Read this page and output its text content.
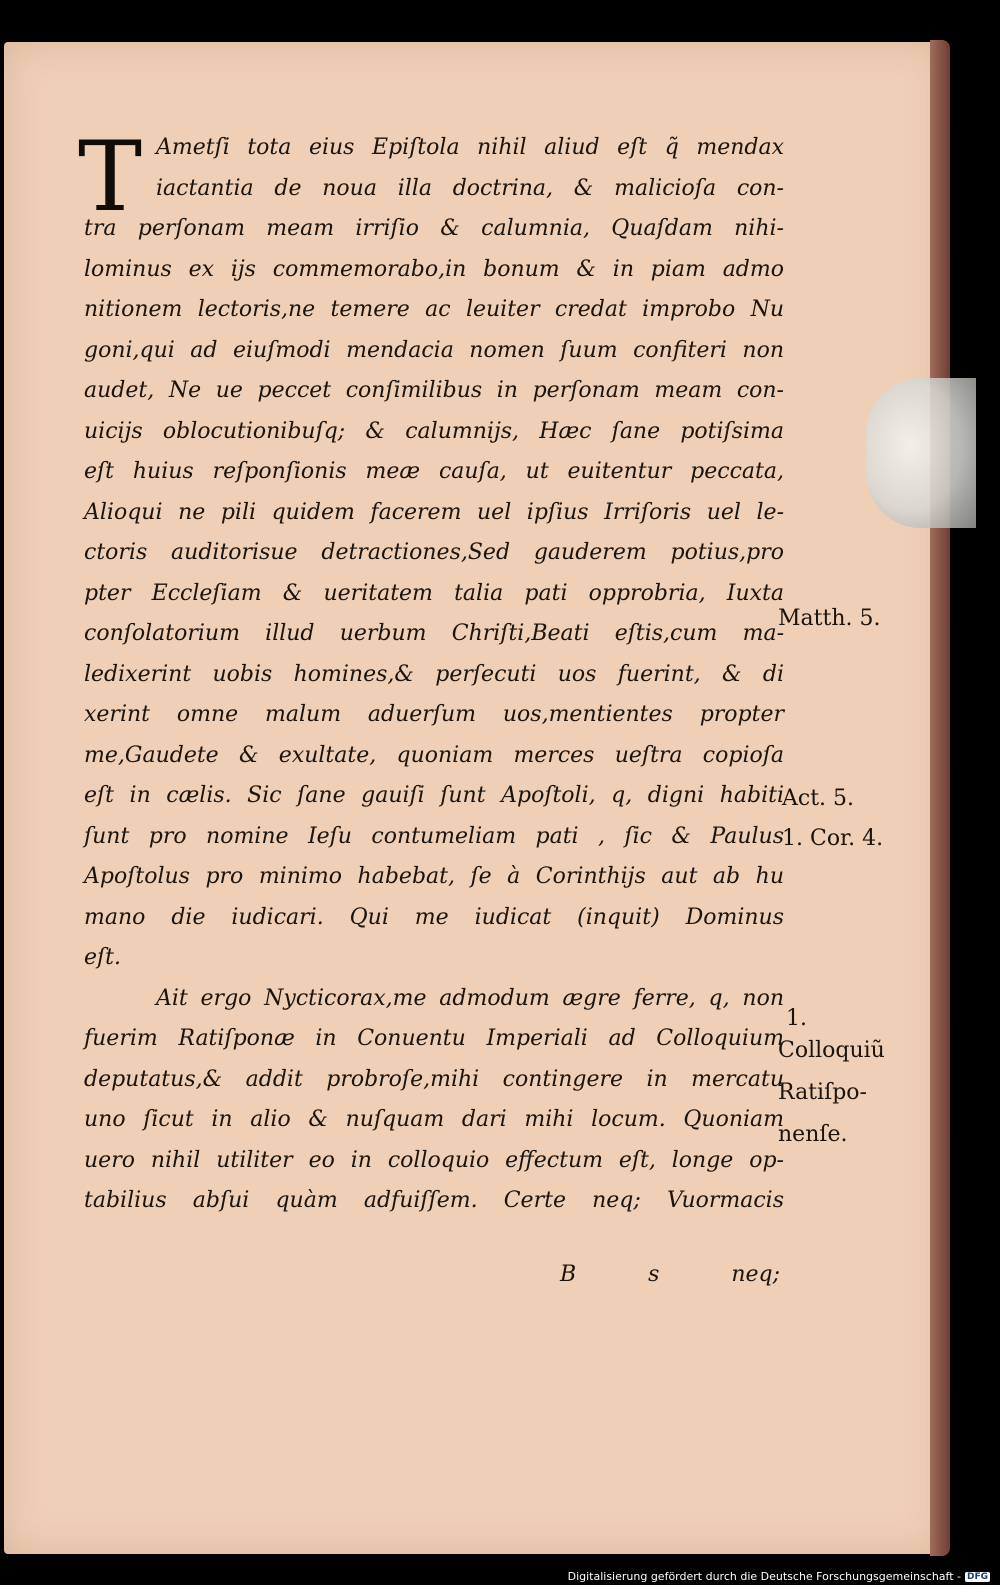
T Ametſi tota eius Epiſtola nihil aliud eſt q̃ mendax
iactantia de noua illa doctrina, & malicioſa con-
tra perſonam meam irriſio & calumnia, Quaſdam nihi-
lominus ex ijs commemorabo,in bonum & in piam admo
nitionem lectoris,ne temere ac leuiter credat improbo Nu
goni,qui ad eiuſmodi mendacia nomen ſuum confiteri non
audet, Ne ue peccet conſimilibus in perſonam meam con-
uicijs oblocutionibuſq; & calumnijs, Hæc ſane potiſsima
eſt huius reſponſionis meæ cauſa, ut euitentur peccata,
Alioqui ne pili quidem facerem uel ipſius Irriſoris uel le-
ctoris auditorisue detractiones,Sed gauderem potius,pro
pter Eccleſiam & ueritatem talia pati opprobria, Iuxta
conſolatorium illud uerbum Chriſti,Beati eſtis,cum ma-
ledixerint uobis homines,& perſecuti uos fuerint, & di
xerint omne malum aduerſum uos,mentientes propter
me,Gaudete & exultate, quoniam merces ueſtra copioſa
eſt in cælis. Sic ſane gauiſi ſunt Apoſtoli, q, digni habiti
ſunt pro nomine Ieſu contumeliam pati , ſic & Paulus
Apoſtolus pro minimo habebat, ſe à Corinthijs aut ab hu
mano die iudicari. Qui me iudicat (inquit) Dominus
eſt.
Ait ergo Nycticorax,me admodum ægre ferre, q, non
fuerim Ratiſponæ in Conuentu Imperiali ad Colloquium
deputatus,& addit probroſe,mihi contingere in mercatu
uno ſicut in alio & nuſquam dari mihi locum. Quoniam
uero nihil utiliter eo in colloquio effectum eſt, longe op-
tabilius abſui quàm adfuiſſem. Certe neq; Vuormacis
B	s	neq;
Matth. 5.
Act. 5.
1. Cor. 4.
1.
Colloquiũ
Ratiſpo-
nenſe.
Digitalisierung gefördert durch die Deutsche Forschungsgemeinschaft - DFG
